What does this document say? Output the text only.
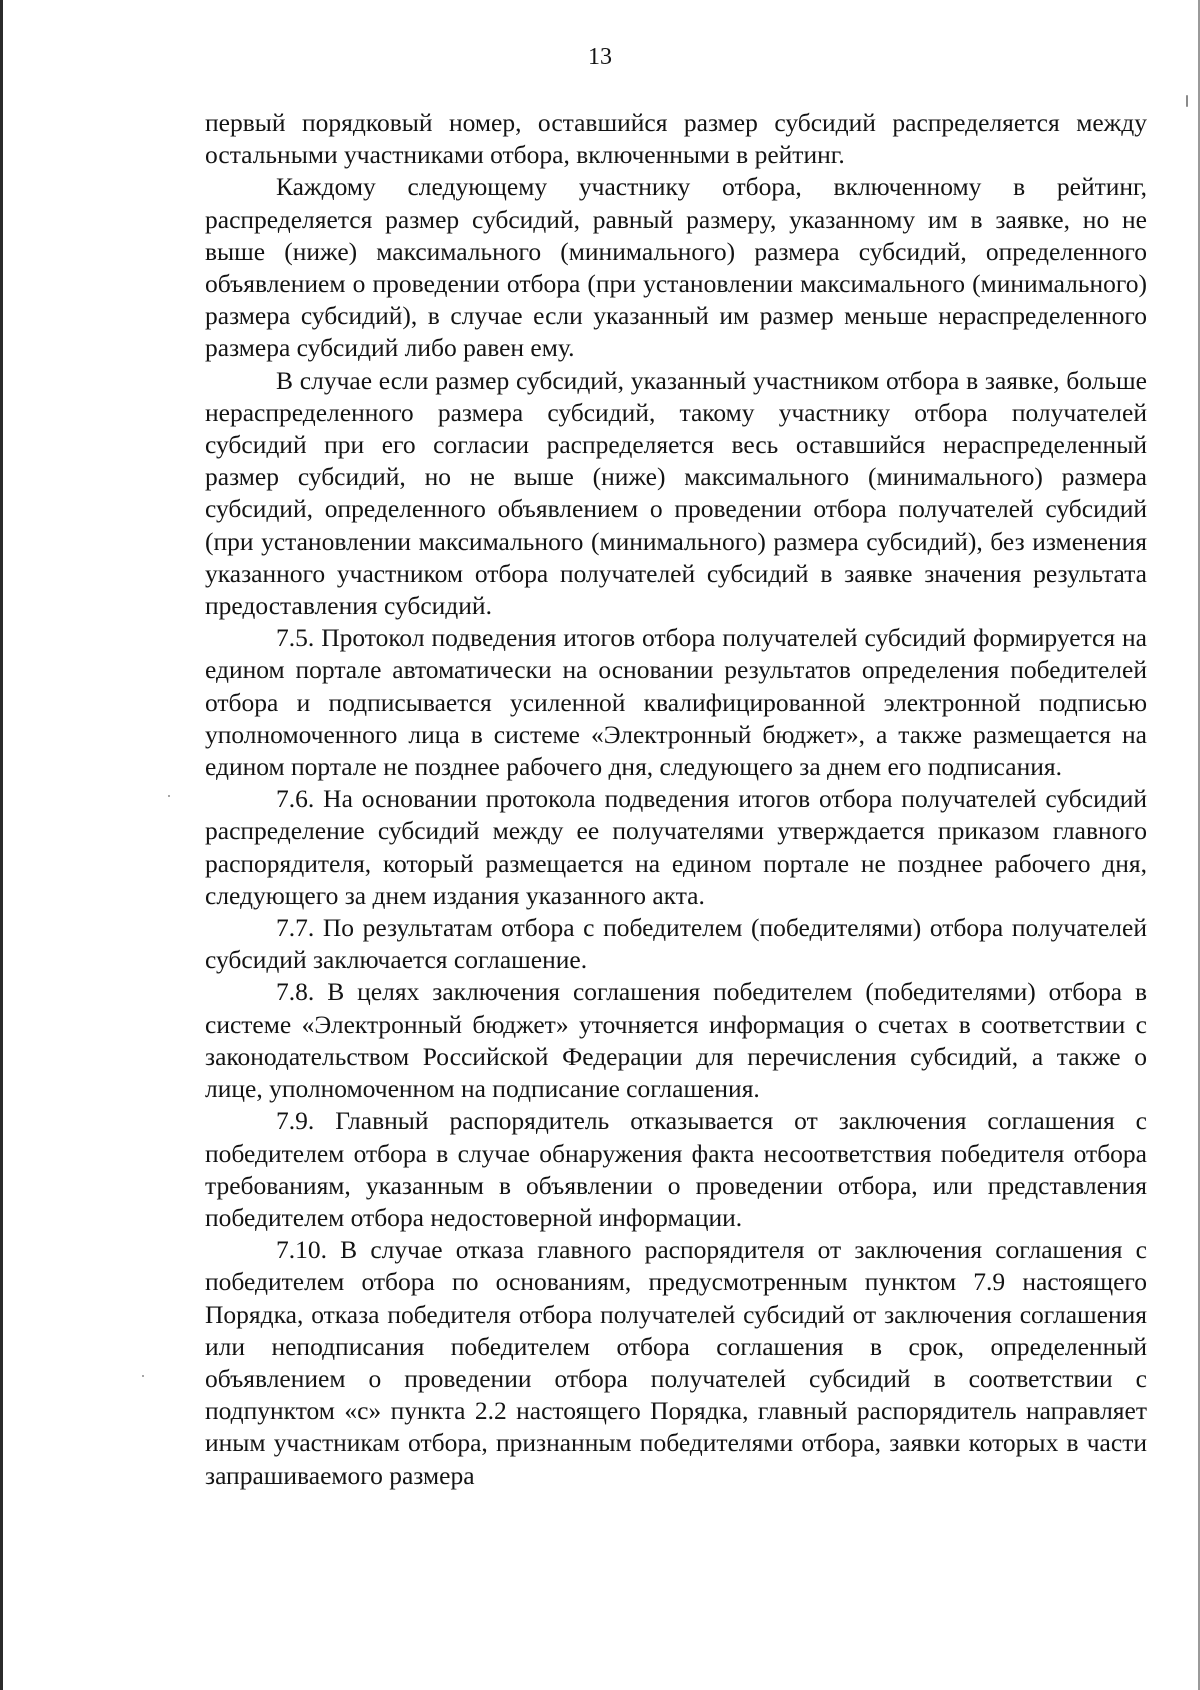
13

первый порядковый номер, оставшийся размер субсидий распределяется между остальными участниками отбора, включенными в рейтинг.

Каждому следующему участнику отбора, включенному в рейтинг, распределяется размер субсидий, равный размеру, указанному им в заявке, но не выше (ниже) максимального (минимального) размера субсидий, определенного объявлением о проведении отбора (при установлении максимального (минимального) размера субсидий), в случае если указанный им размер меньше нераспределенного размера субсидий либо равен ему.

В случае если размер субсидий, указанный участником отбора в заявке, больше нераспределенного размера субсидий, такому участнику отбора получателей субсидий при его согласии распределяется весь оставшийся нераспределенный размер субсидий, но не выше (ниже) максимального (минимального) размера субсидий, определенного объявлением о проведении отбора получателей субсидий (при установлении максимального (минимального) размера субсидий), без изменения указанного участником отбора получателей субсидий в заявке значения результата предоставления субсидий.

7.5. Протокол подведения итогов отбора получателей субсидий формируется на едином портале автоматически на основании результатов определения победителей отбора и подписывается усиленной квалифицированной электронной подписью уполномоченного лица в системе «Электронный бюджет», а также размещается на едином портале не позднее рабочего дня, следующего за днем его подписания.

7.6. На основании протокола подведения итогов отбора получателей субсидий распределение субсидий между ее получателями утверждается приказом главного распорядителя, который размещается на едином портале не позднее рабочего дня, следующего за днем издания указанного акта.

7.7. По результатам отбора с победителем (победителями) отбора получателей субсидий заключается соглашение.

7.8. В целях заключения соглашения победителем (победителями) отбора в системе «Электронный бюджет» уточняется информация о счетах в соответствии с законодательством Российской Федерации для перечисления субсидий, а также о лице, уполномоченном на подписание соглашения.

7.9. Главный распорядитель отказывается от заключения соглашения с победителем отбора в случае обнаружения факта несоответствия победителя отбора требованиям, указанным в объявлении о проведении отбора, или представления победителем отбора недостоверной информации.

7.10. В случае отказа главного распорядителя от заключения соглашения с победителем отбора по основаниям, предусмотренным пунктом 7.9 настоящего Порядка, отказа победителя отбора получателей субсидий от заключения соглашения или неподписания победителем отбора соглашения в срок, определенный объявлением о проведении отбора получателей субсидий в соответствии с подпунктом «с» пункта 2.2 настоящего Порядка, главный распорядитель направляет иным участникам отбора, признанным победителями отбора, заявки которых в части запрашиваемого размера
